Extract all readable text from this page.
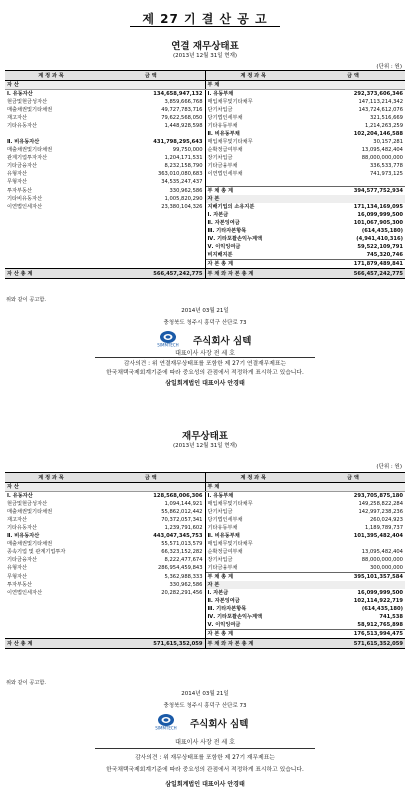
제 27 기 결 산 공 고
연결 재무상태표
(2013년 12월 31일 현재)
(단위 : 원)
계 정 과 목	금 액	계 정 과 목	금 액
자 산		부 채	
Ⅰ. 유동자산	134,658,947,132	Ⅰ. 유동부채	292,373,606,346
현금및현금성자산	3,859,666,768	매입채무및기타채무	147,113,214,342
매출채권및기타채권	49,727,783,716	단기차입금	143,724,612,076
재고자산	79,622,568,050	당기법인세부채	321,516,669
기타유동자산	1,448,928,598	기타유동부채	1,214,263,259
		Ⅱ. 비유동부채	102,204,146,588
Ⅱ. 비유동자산	431,798,295,643	매입채무및기타채무	30,157,281
매출채권및기타채권	99,750,000	순확정급여부채	13,095,482,404
관계기업투자자산	1,204,171,531	장기차입금	88,000,000,000
기타금융자산	8,232,158,790	기타금융부채	336,533,778
유형자산	363,010,080,683	이연법인세부채	741,973,125
무형자산	34,535,247,437		
투자부동산	330,962,586	부 채 총 계	394,577,752,934
기타비유동자산	1,005,820,290	자 본	
이연법인세자산	23,380,104,326	지배기업의 소유지분	171,134,169,095
		Ⅰ. 자본금	16,099,999,500
		Ⅱ. 자본잉여금	101,067,905,300
		Ⅲ. 기타자본항목	(614,435,180)
		Ⅳ. 기타포괄손익누계액	(4,941,410,316)
		Ⅴ. 이익잉여금	59,522,109,791
		비지배지분	745,320,746
		자 본 총 계	171,879,489,841
자 산 총 계	566,457,242,775	부 채 와 자 본 총 계	566,457,242,775
위와 같이 공고함.
2014년 03월 21일
충청북도 청주시 흥덕구 산단로 73
SIMMTECH 주식회사 심텍
대표이사 사장 전 세 호
감사의견 : 위 연결재무상태표를 포함한 제 27기 연결재무제표는
한국채택국제회계기준에 따라 중요성의 관점에서 적정하게 표시하고 있습니다.
삼일회계법인 대표이사 안경태
재무상태표
(2013년 12월 31일 현재)
(단위 : 원)
계 정 과 목	금 액	계 정 과 목	금 액
자 산		부 채	
Ⅰ. 유동자산	128,568,006,306	Ⅰ. 유동부채	293,705,875,180
현금및현금성자산	1,094,144,921	매입채무및기타채무	149,258,822,284
매출채권및기타채권	55,862,012,442	단기차입금	142,997,238,236
재고자산	70,372,057,341	당기법인세부채	260,024,923
기타유동자산	1,239,791,602	기타유동부채	1,189,789,737
Ⅱ. 비유동자산	443,047,345,753	Ⅱ. 비유동부채	101,395,482,404
매출채권및기타채권	55,571,013,579	매입채무및기타채무	
종속기업 및 관계기업투자	66,323,152,282	순확정급여부채	13,095,482,404
기타금융자산	8,222,477,674	장기차입금	88,000,000,000
유형자산	286,954,459,843	기타금융부채	300,000,000
무형자산	5,362,988,333	부 채 총 계	395,101,357,584
투자부동산	330,962,586	자 본	
이연법인세자산	20,282,291,456	Ⅰ. 자본금	16,099,999,500
		Ⅱ. 자본잉여금	102,114,922,719
		Ⅲ. 기타자본항목	(614,435,180)
		Ⅳ. 기타포괄손익누계액	741,538
		Ⅴ. 이익잉여금	58,912,765,898
		자 본 총 계	176,513,994,475
자 산 총 계	571,615,352,059	부 채 와 자 본 총 계	571,615,352,059
위와 같이 공고함.
2014년 03월 21일
충청북도 청주시 흥덕구 산단로 73
SIMMTECH 주식회사 심텍
대표이사 사장 전 세 호
감사의견 : 위 재무상태표를 포함한 제 27기 재무제표는
한국채택국제회계기준에 따라 중요성의 관점에서 적정하게 표시하고 있습니다.
삼일회계법인 대표이사 안경태
